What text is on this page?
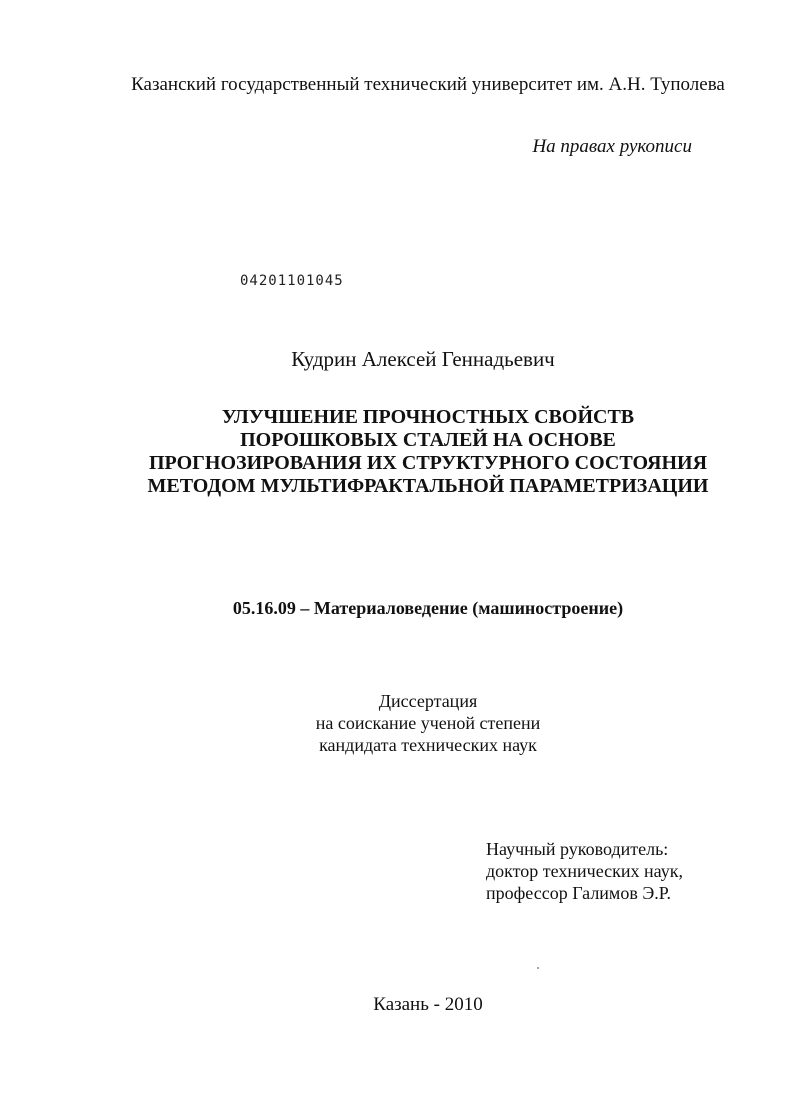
Казанский государственный технический университет им. А.Н. Туполева
На правах рукописи
04201101045
Кудрин Алексей Геннадьевич
УЛУЧШЕНИЕ ПРОЧНОСТНЫХ СВОЙСТВ
ПОРОШКОВЫХ СТАЛЕЙ НА ОСНОВЕ
ПРОГНОЗИРОВАНИЯ ИХ СТРУКТУРНОГО СОСТОЯНИЯ
МЕТОДОМ МУЛЬТИФРАКТАЛЬНОЙ ПАРАМЕТРИЗАЦИИ
05.16.09 – Материаловедение (машиностроение)
Диссертация
на соискание ученой степени
кандидата технических наук
Научный руководитель:
доктор технических наук,
профессор Галимов Э.Р.
Казань - 2010
